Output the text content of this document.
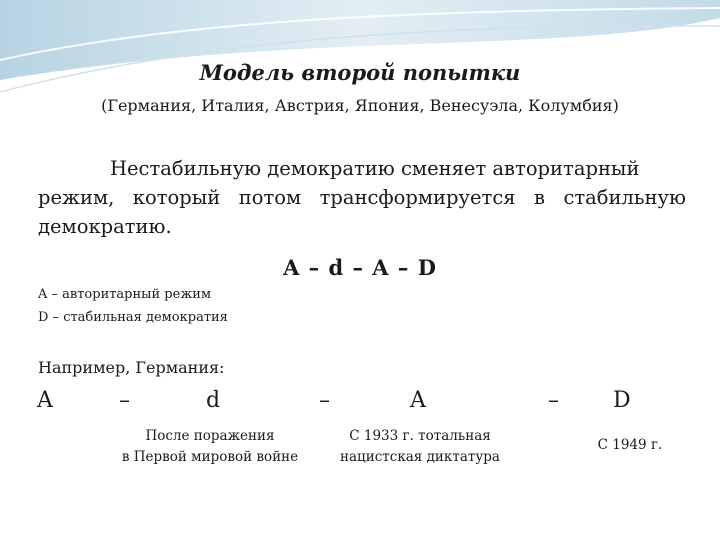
Модель второй попытки
(Германия, Италия, Австрия, Япония, Венесуэла, Колумбия)
Нестабильную демократию сменяет авторитарный
режим, который потом трансформируется в стабильную
демократию.
A – d – A – D
A – авторитарный режим
D – стабильная демократия
Например, Германия:
A	–	d	–	A	– D
После поражения
в Первой мировой войне
С 1933 г. тотальная
нацистская диктатура
С 1949 г.
